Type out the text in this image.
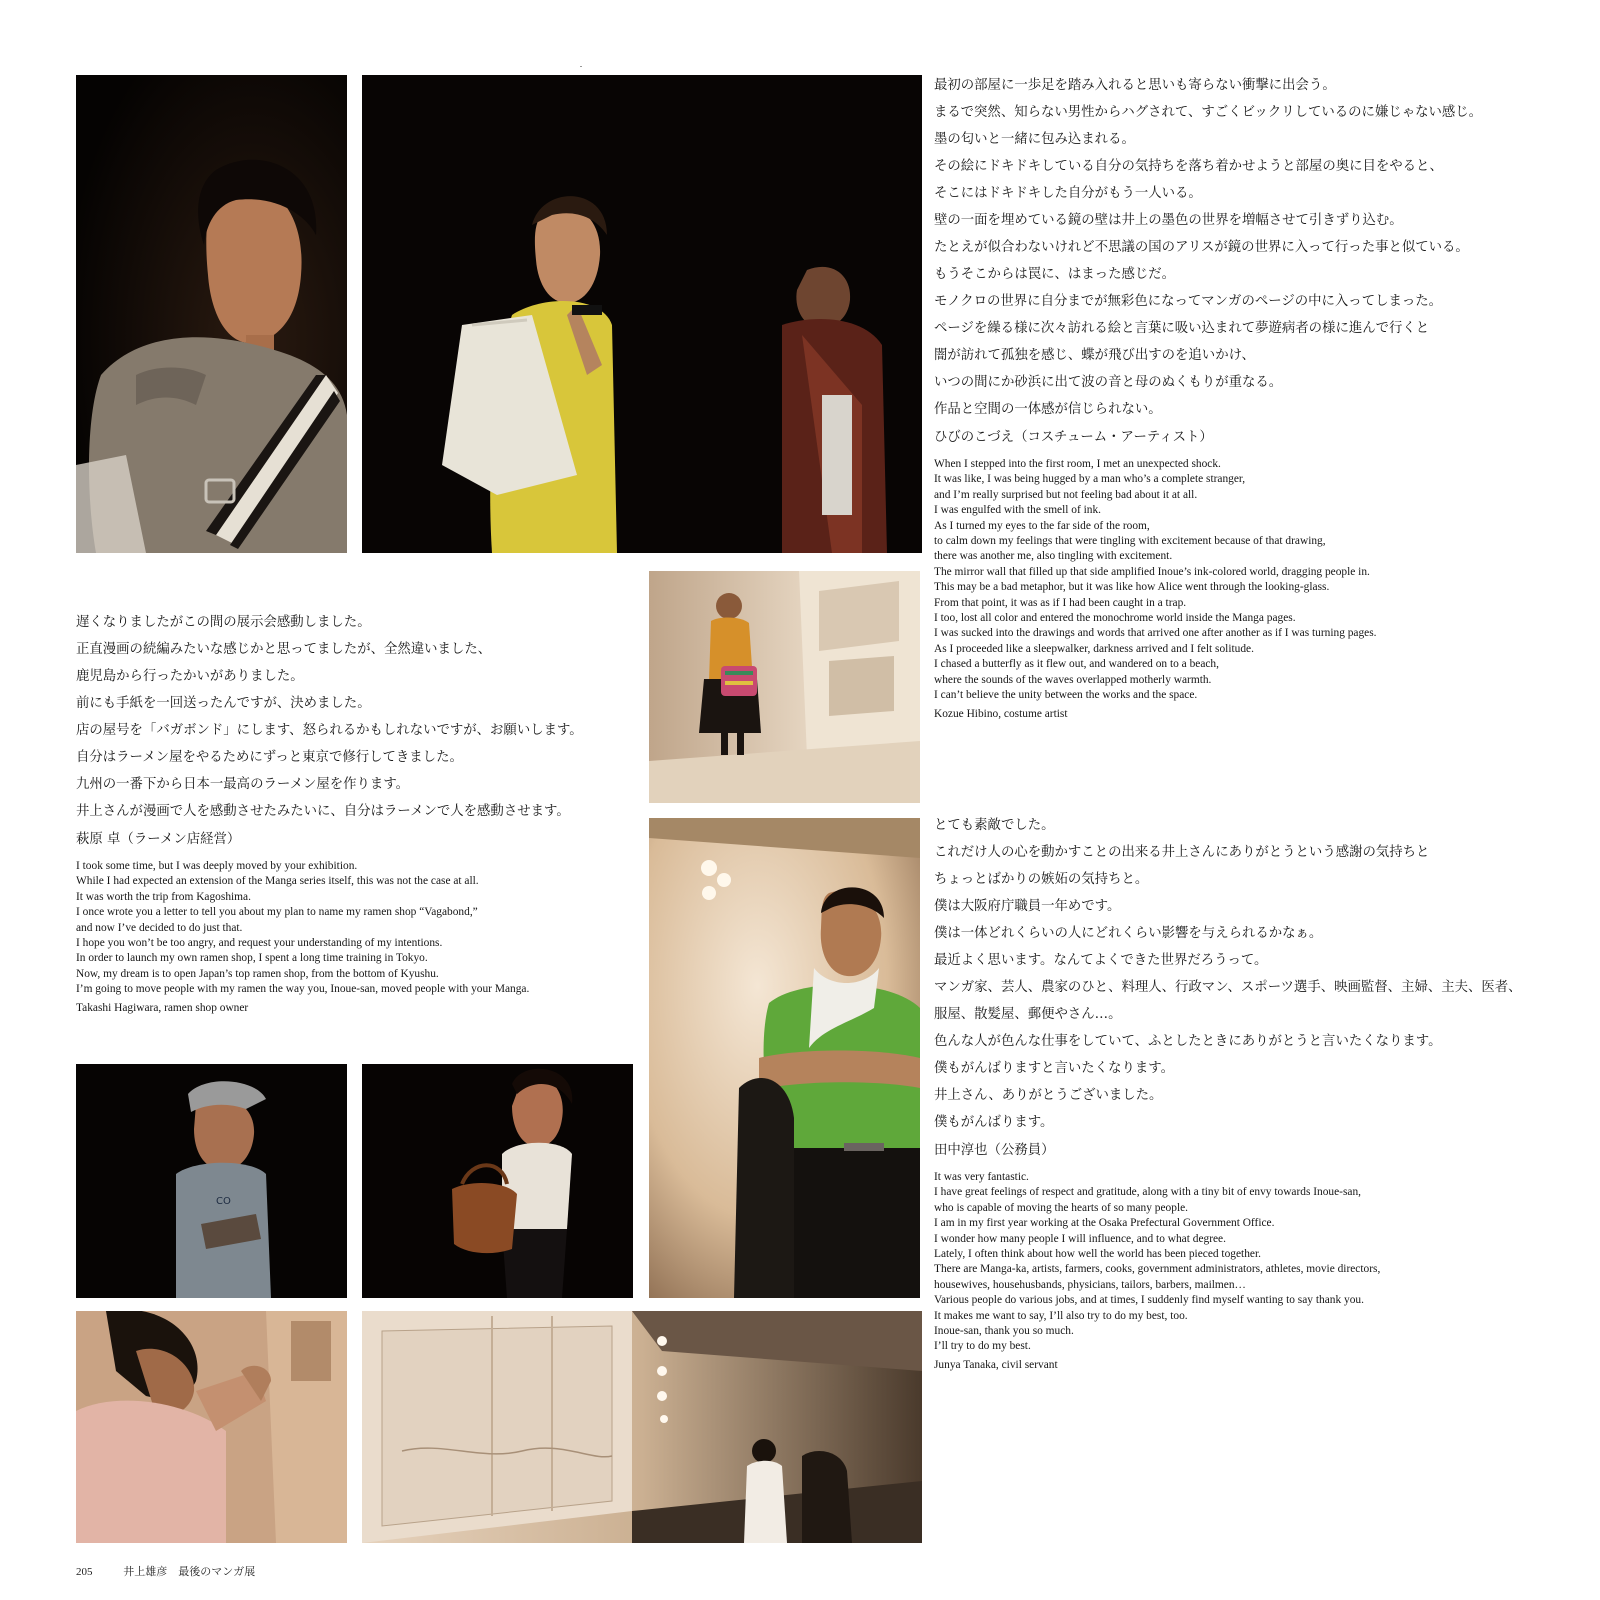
CO
最初の部屋に一歩足を踏み入れると思いも寄らない衝撃に出会う。
まるで突然、知らない男性からハグされて、すごくビックリしているのに嫌じゃない感じ。
墨の匂いと一緒に包み込まれる。
その絵にドキドキしている自分の気持ちを落ち着かせようと部屋の奥に目をやると、
そこにはドキドキした自分がもう一人いる。
壁の一面を埋めている鏡の壁は井上の墨色の世界を増幅させて引きずり込む。
たとえが似合わないけれど不思議の国のアリスが鏡の世界に入って行った事と似ている。
もうそこからは罠に、はまった感じだ。
モノクロの世界に自分までが無彩色になってマンガのページの中に入ってしまった。
ページを繰る様に次々訪れる絵と言葉に吸い込まれて夢遊病者の様に進んで行くと
闇が訪れて孤独を感じ、蝶が飛び出すのを追いかけ、
いつの間にか砂浜に出て波の音と母のぬくもりが重なる。
作品と空間の一体感が信じられない。
ひびのこづえ（コスチューム・アーティスト）
When I stepped into the first room, I met an unexpected shock.
It was like, I was being hugged by a man who’s a complete stranger,
and I’m really surprised but not feeling bad about it at all.
I was engulfed with the smell of ink.
As I turned my eyes to the far side of the room,
to calm down my feelings that were tingling with excitement because of that drawing,
there was another me, also tingling with excitement.
The mirror wall that filled up that side amplified Inoue’s ink-colored world, dragging people in.
This may be a bad metaphor, but it was like how Alice went through the looking-glass.
From that point, it was as if I had been caught in a trap.
I too, lost all color and entered the monochrome world inside the Manga pages.
I was sucked into the drawings and words that arrived one after another as if I was turning pages.
As I proceeded like a sleepwalker, darkness arrived and I felt solitude.
I chased a butterfly as it flew out, and wandered on to a beach,
where the sounds of the waves overlapped motherly warmth.
I can’t believe the unity between the works and the space.
Kozue Hibino, costume artist
遅くなりましたがこの間の展示会感動しました。
正直漫画の続編みたいな感じかと思ってましたが、全然違いました、
鹿児島から行ったかいがありました。
前にも手紙を一回送ったんですが、決めました。
店の屋号を「バガボンド」にします、怒られるかもしれないですが、お願いします。
自分はラーメン屋をやるためにずっと東京で修行してきました。
九州の一番下から日本一最高のラーメン屋を作ります。
井上さんが漫画で人を感動させたみたいに、自分はラーメンで人を感動させます。
萩原 卓（ラーメン店経営）
I took some time, but I was deeply moved by your exhibition.
While I had expected an extension of the Manga series itself, this was not the case at all.
It was worth the trip from Kagoshima.
I once wrote you a letter to tell you about my plan to name my ramen shop “Vagabond,”
and now I’ve decided to do just that.
I hope you won’t be too angry, and request your understanding of my intentions.
In order to launch my own ramen shop, I spent a long time training in Tokyo.
Now, my dream is to open Japan’s top ramen shop, from the bottom of Kyushu.
I’m going to move people with my ramen the way you, Inoue-san, moved people with your Manga.
Takashi Hagiwara, ramen shop owner
とても素敵でした。
これだけ人の心を動かすことの出来る井上さんにありがとうという感謝の気持ちと
ちょっとばかりの嫉妬の気持ちと。
僕は大阪府庁職員一年めです。
僕は一体どれくらいの人にどれくらい影響を与えられるかなぁ。
最近よく思います。なんてよくできた世界だろうって。
マンガ家、芸人、農家のひと、料理人、行政マン、スポーツ選手、映画監督、主婦、主夫、医者、
服屋、散髪屋、郵便やさん…。
色んな人が色んな仕事をしていて、ふとしたときにありがとうと言いたくなります。
僕もがんばりますと言いたくなります。
井上さん、ありがとうございました。
僕もがんばります。
田中淳也（公務員）
It was very fantastic.
I have great feelings of respect and gratitude, along with a tiny bit of envy towards Inoue-san,
who is capable of moving the hearts of so many people.
I am in my first year working at the Osaka Prefectural Government Office.
I wonder how many people I will influence, and to what degree.
Lately, I often think about how well the world has been pieced together.
There are Manga-ka, artists, farmers, cooks, government administrators, athletes, movie directors,
housewives, househusbands, physicians, tailors, barbers, mailmen…
Various people do various jobs, and at times, I suddenly find myself wanting to say thank you.
It makes me want to say, I’ll also try to do my best, too.
Inoue-san, thank you so much.
I’ll try to do my best.
Junya Tanaka, civil servant
205	井上雄彦　最後のマンガ展
